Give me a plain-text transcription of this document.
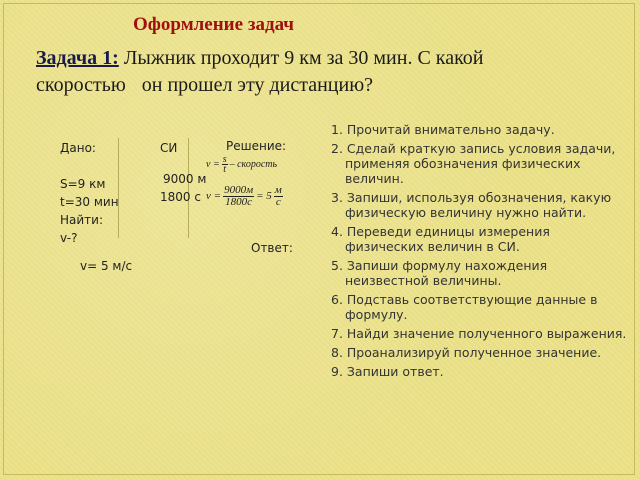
Оформление задач
Задача 1: Лыжник проходит 9 км за 30 мин. С какой
скоростью он прошел эту дистанцию?
Дано:
S=9 км
t=30 мин
Найти:
v-?
СИ
9000 м
1800 с
Решение:
$v = \frac{s}{t}$ – скорость
$v = \frac{9000м}{1800с} = 5 \frac{м}{с}$
Ответ:
v= 5 м/с
1. Прочитай внимательно задачу.
2. Сделай краткую запись условия задачи, применяя обозначения физических величин.
3. Запиши, используя обозначения, какую физическую величину нужно найти.
4. Переведи единицы измерения физических величин в СИ.
5. Запиши формулу нахождения неизвестной величины.
6. Подставь соответствующие данные в формулу.
7. Найди значение полученного выражения.
8. Проанализируй полученное значение.
9. Запиши ответ.
